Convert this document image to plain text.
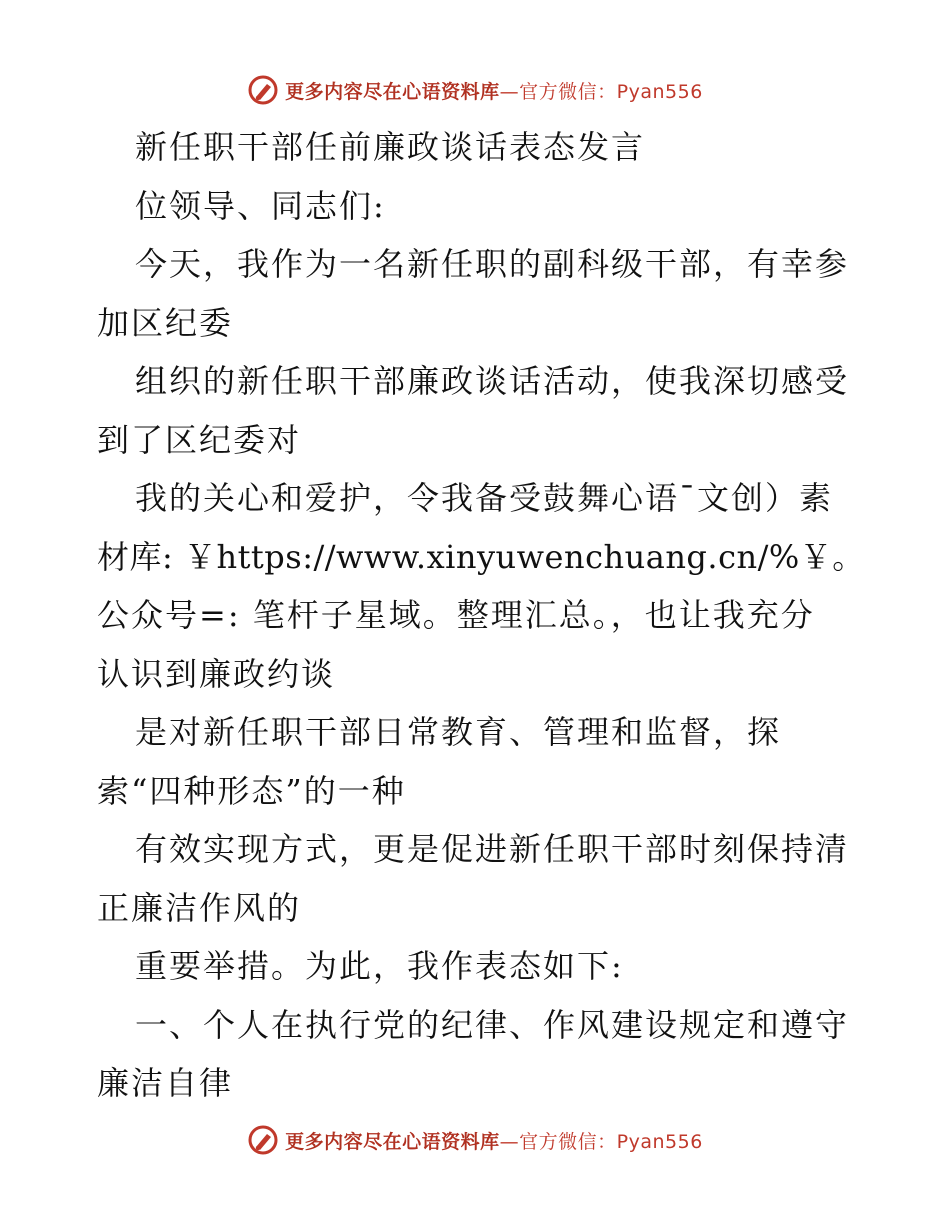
更多内容尽在心语资料库—官方微信：Pyan556
新任职干部任前廉政谈话表态发言
位领导、同志们:
今天，我作为一名新任职的副科级干部，有幸参
加区纪委
组织的新任职干部廉政谈话活动，使我深切感受
到了区纪委对
我的关心和爱护，令我备受鼓舞心语¯文创）素
材库: ￥https://www.xinyuwenchuang.cn/%￥。
公众号=: 笔杆子星域。整理汇总。，也让我充分
认识到廉政约谈
是对新任职干部日常教育、管理和监督，探
索“四种形态”的一种
有效实现方式，更是促进新任职干部时刻保持清
正廉洁作风的
重要举措。为此，我作表态如下:
一、个人在执行党的纪律、作风建设规定和遵守
廉洁自律
更多内容尽在心语资料库—官方微信：Pyan556
